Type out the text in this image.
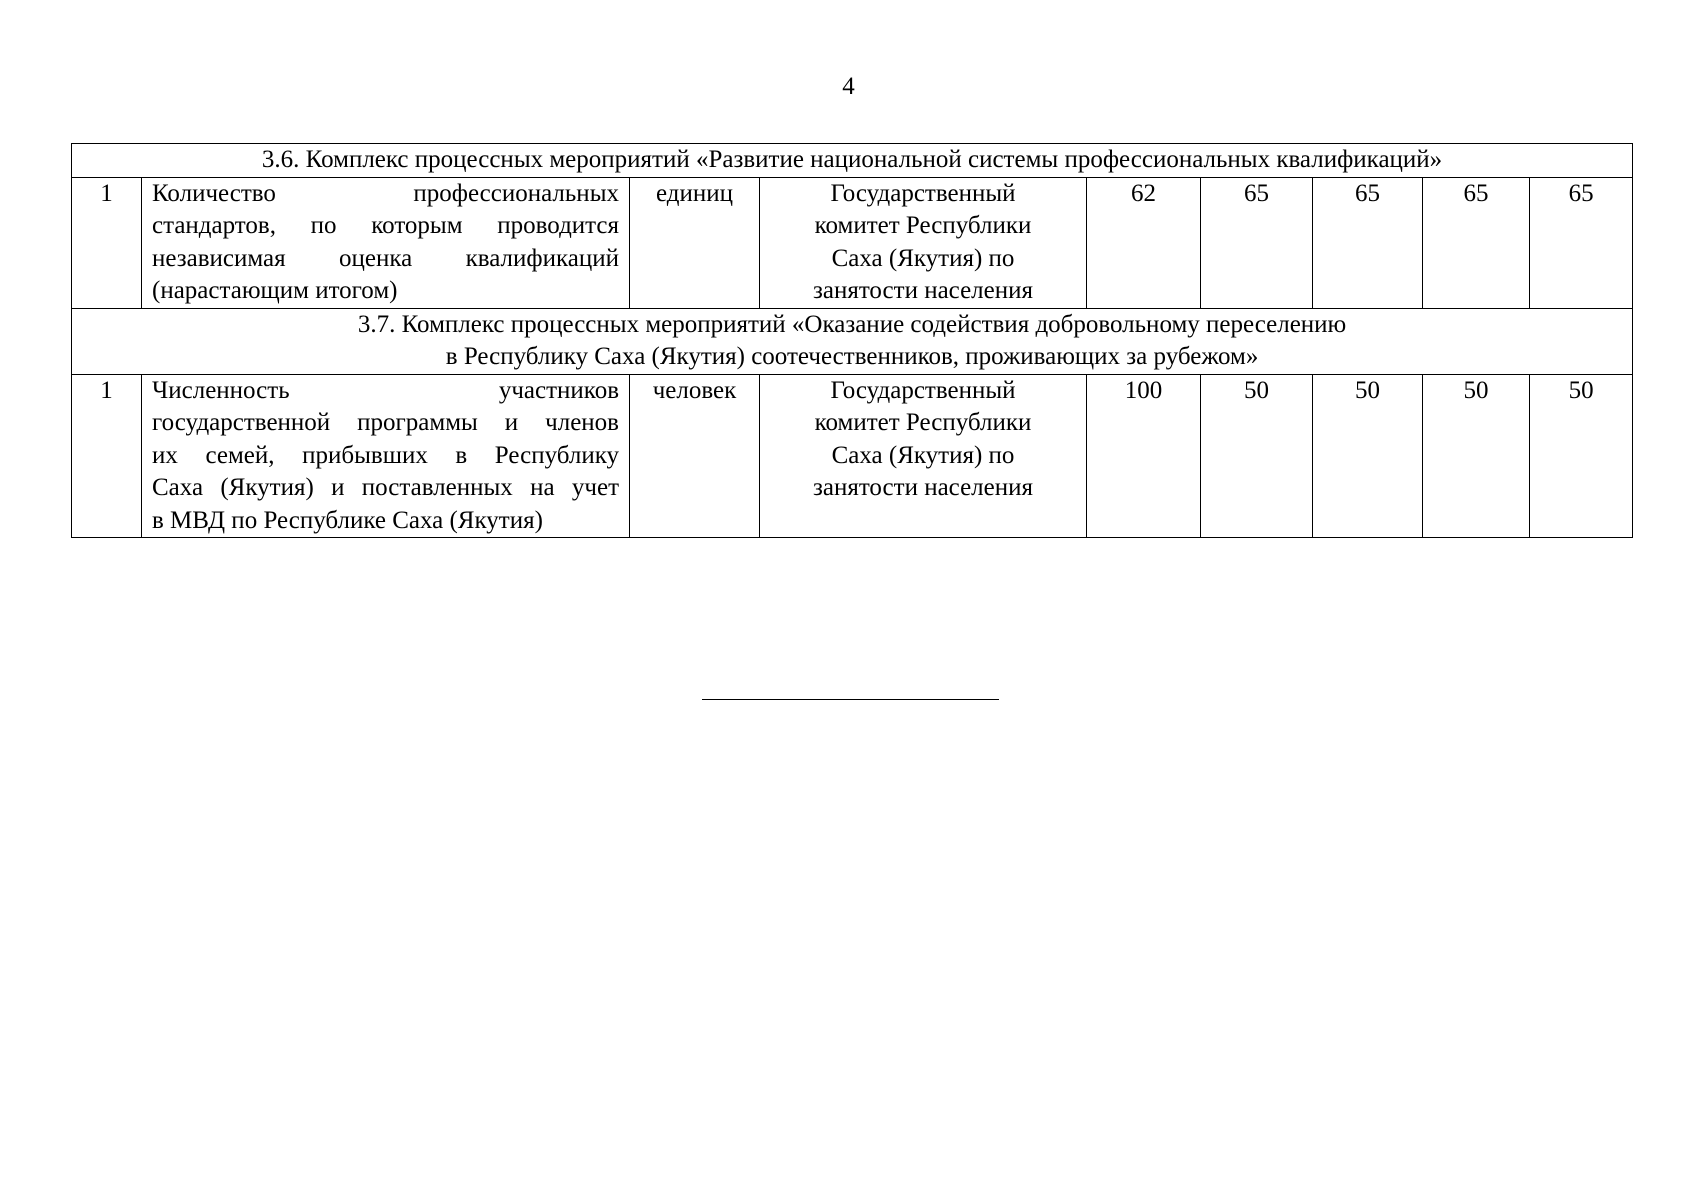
4
3.6. Комплекс процессных мероприятий «Развитие национальной системы профессиональных квалификаций»								

1	Количество профессиональных
стандартов, по которым проводится
независимая оценка квалификаций
(нарастающим итогом)	единиц	Государственный
комитет Республики
Саха (Якутия) по
занятости населения	62	65	65	65	65

3.7. Комплекс процессных мероприятий «Оказание содействия добровольному переселению
в Республику Саха (Якутия) соотечественников, проживающих за рубежом»								

1	Численность участников
государственной программы и членов
их семей, прибывших в Республику
Саха (Якутия) и поставленных на учет
в МВД по Республике Саха (Якутия)	человек	Государственный
комитет Республики
Саха (Якутия) по
занятости населения	100	50	50	50	50
